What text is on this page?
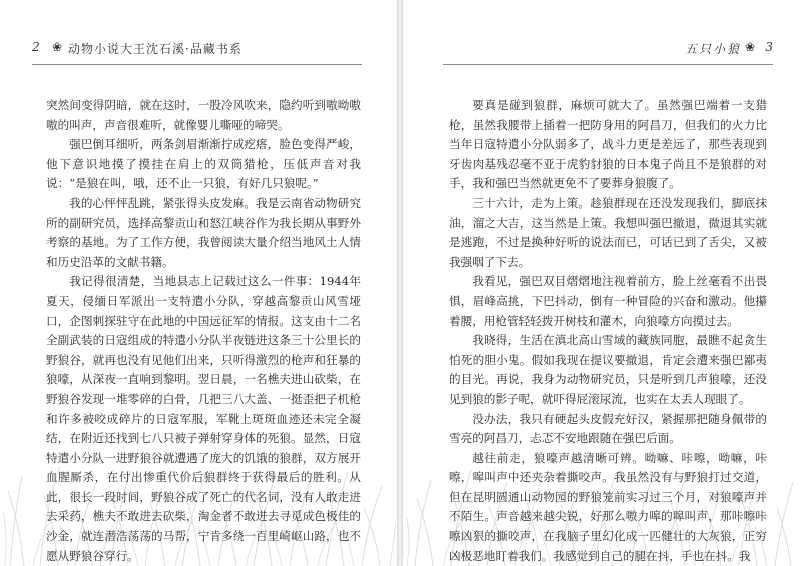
2 ❀ 动物小说大王沈石溪·品藏书系

突然间变得阴暗，就在这时，一股冷风吹来，隐约听到嗷呦嗷嗷的叫声，声音很难听，就像婴儿嘶哑的啼哭。

强巴倒耳细听，两条剑眉渐渐拧成疙瘩，脸色变得严峻，他下意识地摸了摸挂在肩上的双筒猎枪，压低声音对我说：“是狼在叫，哦，还不止一只狼，有好几只狼呢。”

我的心怦怦乱跳，紧张得头皮发麻。我是云南省动物研究所的副研究员，选择高黎贡山和怒江峡谷作为我长期从事野外考察的基地。为了工作方便，我曾阅读大量介绍当地风土人情和历史沿革的文献书籍。

我记得很清楚，当地县志上记载过这么一件事：1944年夏天，侵缅日军派出一支特遣小分队，穿越高黎贡山风雪垭口，企图刺探驻守在此地的中国远征军的情报。这支由十二名全副武装的日寇组成的特遣小分队半夜链进这条三十公里长的野狼谷，就再也没有见他们出来，只听得激烈的枪声和狂暴的狼嚎，从深夜一直响到黎明。翌日晨，一名樵夫进山砍柴，在野狼谷发现一堆零碎的白骨，几把三八大盖、一挺歪把子机枪和许多被咬成碎片的日寇军服，军靴上斑斑血迹还未完全凝结，在附近还找到七八只被子弹射穿身体的死狼。显然，日寇特遣小分队一进野狼谷就遭遇了庞大的饥饿的狼群，双方展开血腥厮杀，在付出惨重代价后狼群终于获得最后的胜利。从此，很长一段时间，野狼谷成了死亡的代名词，没有人敢走进去采药，樵夫不敢进去砍柴，淘金者不敢进去寻觅成色极佳的沙金，就连潜浩荡荡的马帮，宁肯多绕一百里崎岖山路，也不愿从野狼谷穿行。

五只小狼 ❀ 3

要真是碰到狼群，麻烦可就大了。虽然强巴端着一支猎枪，虽然我腰带上插着一把防身用的阿昌刀，但我们的火力比当年日寇特遣小分队弱多了，战斗力更是差远了，那些表现到牙齿肉基残忍毫不亚于虎豹豺狼的日本鬼子尚且不是狼群的对手，我和强巴当然就更免不了要葬身狼腹了。

三十六计，走为上策。趁狼群现在还没发现我们，脚底抹油，溜之大吉，这当然是上策。我想叫强巴撤退，微退其实就是逃跑，不过是换种好听的说法而已，可话已到了舌尖，又被我强咽了下去。

我看见，强巴双目熠熠地注视着前方，脸上丝毫看不出畏惧，眉峰高挑，下巴抖动，倒有一种冒险的兴奋和激动。他攥着腰，用枪管轻轻拨开树枝和灌木，向狼嚎方向摸过去。

我晓得，生活在滇北高山雪域的藏族同胞，最瞧不起贪生怕死的胆小鬼。假如我现在提议要撤退，肯定会遭来强巴鄙夷的目光。再说，我身为动物研究员，只是听到几声狼嚎，还没见到狼的影子呢，就吓得屁滚尿流，也实在太丢人现眼了。

没办法，我只有硬起头皮假充好汉，紧握那把随身佩带的雪亮的阿昌刀，忐忑不安地跟随在强巴后面。

越往前走，狼嚎声越清晰可辨。呦嘛、咔嚓，呦嘛，咔嚓，嗥叫声中还夹杂着撕咬声。我虽然没有与野狼打过交道，但在昆明圆通山动物园的野狼笼前实习过三个月，对狼嚎声并不陌生。声音越来越尖锐，好那么嗷力嗥的嗥叫声，那咔嚓咔嚓凶狠的撕咬声，在我脑子里幻化成一匹健壮的大灰狼，正穷凶极恶地盯着我们。我感觉到自己的腿在抖，手也在抖。我
